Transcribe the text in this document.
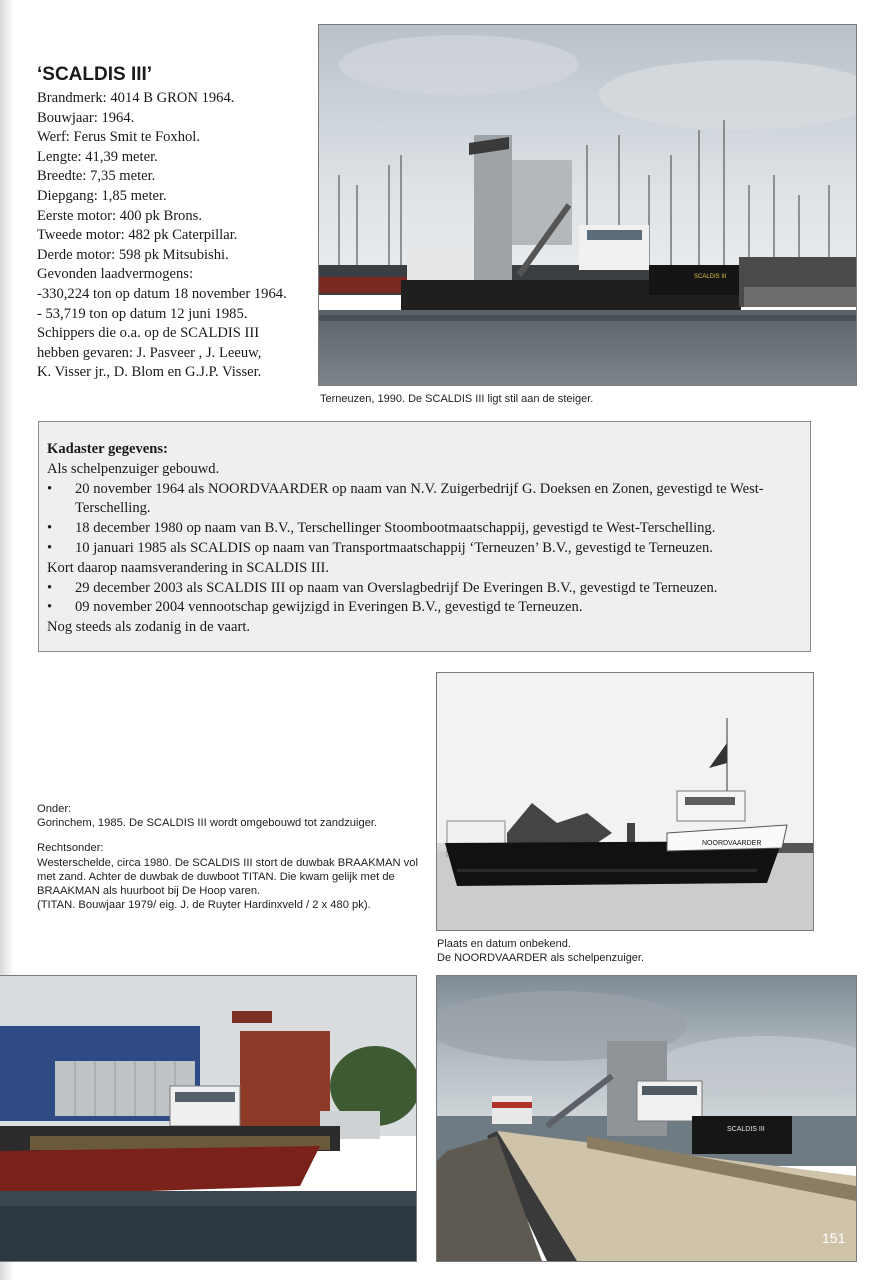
‘SCALDIS III’
Brandmerk: 4014 B GRON 1964.
Bouwjaar: 1964.
Werf: Ferus Smit te Foxhol.
Lengte: 41,39 meter.
Breedte: 7,35 meter.
Diepgang: 1,85 meter.
Eerste motor: 400 pk Brons.
Tweede motor: 482 pk Caterpillar.
Derde motor: 598 pk Mitsubishi.
Gevonden laadvermogens:
-330,224 ton op datum 18 november 1964.
- 53,719 ton op datum 12 juni 1985.
Schippers die o.a. op de SCALDIS III
hebben gevaren: J. Pasveer , J. Leeuw,
K. Visser jr., D. Blom en G.J.P. Visser.
SCALDIS III
Terneuzen, 1990. De SCALDIS III ligt stil aan de steiger.
Kadaster gegevens:
Als schelpenzuiger gebouwd.
• 20 november 1964 als NOORDVAARDER op naam van N.V. Zuigerbedrijf G. Doeksen en Zonen, gevestigd te West-Terschelling.
• 18 december 1980 op naam van B.V., Terschellinger Stoombootmaatschappij, gevestigd te West-Terschelling.
• 10 januari 1985 als SCALDIS op naam van Transportmaatschappij ‘Terneuzen’ B.V., gevestigd te Terneuzen.
Kort daarop naamsverandering in SCALDIS III.
• 29 december 2003 als SCALDIS III op naam van Overslagbedrijf De Everingen B.V., gevestigd te Terneuzen.
• 09 november 2004 vennootschap gewijzigd in Everingen B.V., gevestigd te Terneuzen.
Nog steeds als zodanig in de vaart.

Onder:

Gorinchem, 1985. De SCALDIS III wordt omgebouwd tot zandzuiger.

Rechtsonder:

Westerschelde, circa 1980. De SCALDIS III stort de duwbak BRAAKMAN vol met zand. Achter de duwbak de duwboot TITAN. Die kwam gelijk met de BRAAKMAN als huurboot bij De Hoop varen.

(TITAN. Bouwjaar 1979/ eig. J. de Ruyter Hardinxveld / 2 x 480 pk).

NOORDVAARDER
Plaats en datum onbekend.
De NOORDVAARDER als schelpenzuiger.
SCALDIS III
151
